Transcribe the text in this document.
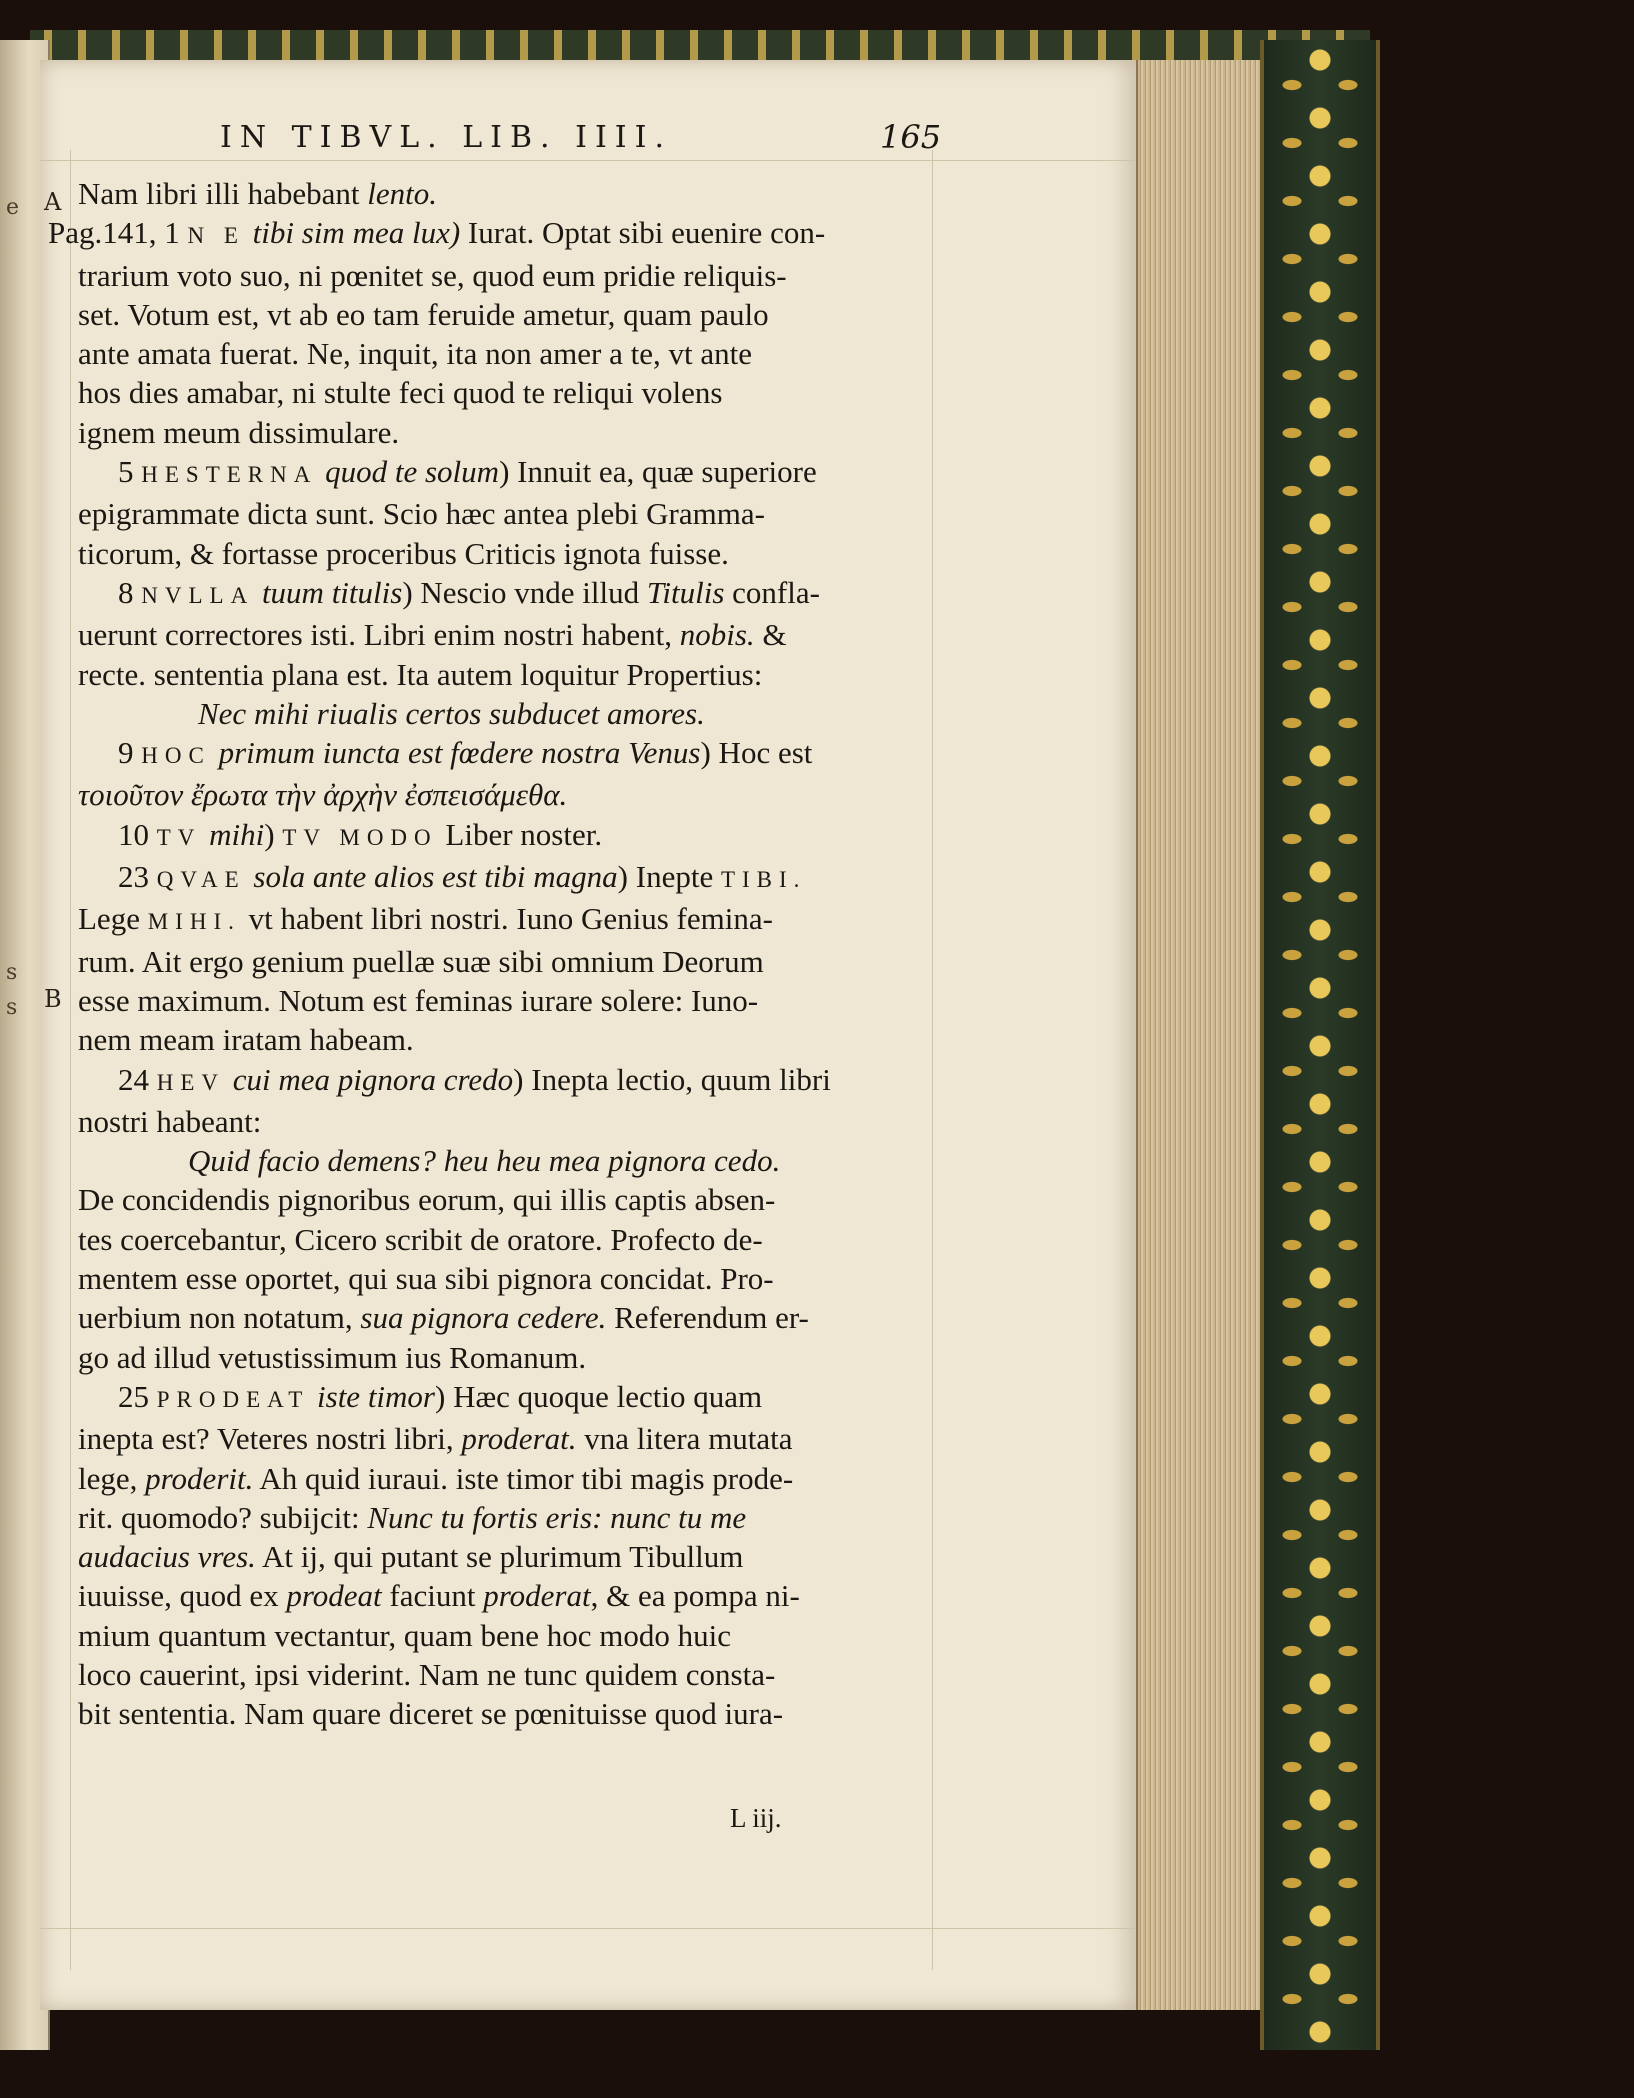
e
s
s
IN TIBVL. LIB. IIII.	165
A
B
Nam libri illi habebant lento.
Pag.141, 1 N E tibi sim mea lux) Iurat. Optat sibi euenire con-
trarium voto suo, ni pœnitet se, quod eum pridie reliquis-
set. Votum est, vt ab eo tam feruide ametur, quam paulo
ante amata fuerat. Ne, inquit, ita non amer a te, vt ante
hos dies amabar, ni stulte feci quod te reliqui volens
ignem meum dissimulare.
5 HESTERNA quod te solum) Innuit ea, quæ superiore
epigrammate dicta sunt. Scio hæc antea plebi Gramma-
ticorum, & fortasse proceribus Criticis ignota fuisse.
8 NVLLA tuum titulis) Nescio vnde illud Titulis confla-
uerunt correctores isti. Libri enim nostri habent, nobis. &
recte. sententia plana est. Ita autem loquitur Propertius:
Nec mihi riualis certos subducet amores.
9 HOC primum iuncta est fœdere nostra Venus) Hoc est
τοιοῦτον ἔρωτα τὴν ἀρχὴν ἐσπεισάμεθα.
10 TV mihi) TV MODO Liber noster.
23 QVAE sola ante alios est tibi magna) Inepte TIBI.
Lege MIHI. vt habent libri nostri. Iuno Genius femina-
rum. Ait ergo genium puellæ suæ sibi omnium Deorum
esse maximum. Notum est feminas iurare solere: Iuno-
nem meam iratam habeam.
24 HEV cui mea pignora credo) Inepta lectio, quum libri
nostri habeant:
Quid facio demens? heu heu mea pignora cedo.
De concidendis pignoribus eorum, qui illis captis absen-
tes coercebantur, Cicero scribit de oratore. Profecto de-
mentem esse oportet, qui sua sibi pignora concidat. Pro-
uerbium non notatum, sua pignora cedere. Referendum er-
go ad illud vetustissimum ius Romanum.
25 PRODEAT iste timor) Hæc quoque lectio quam
inepta est? Veteres nostri libri, proderat. vna litera mutata
lege, proderit. Ah quid iuraui. iste timor tibi magis prode-
rit. quomodo? subijcit: Nunc tu fortis eris: nunc tu me
audacius vres. At ij, qui putant se plurimum Tibullum
iuuisse, quod ex prodeat faciunt proderat, & ea pompa ni-
mium quantum vectantur, quam bene hoc modo huic
loco cauerint, ipsi viderint. Nam ne tunc quidem consta-
bit sententia. Nam quare diceret se pœnituisse quod iura-
L iij.
